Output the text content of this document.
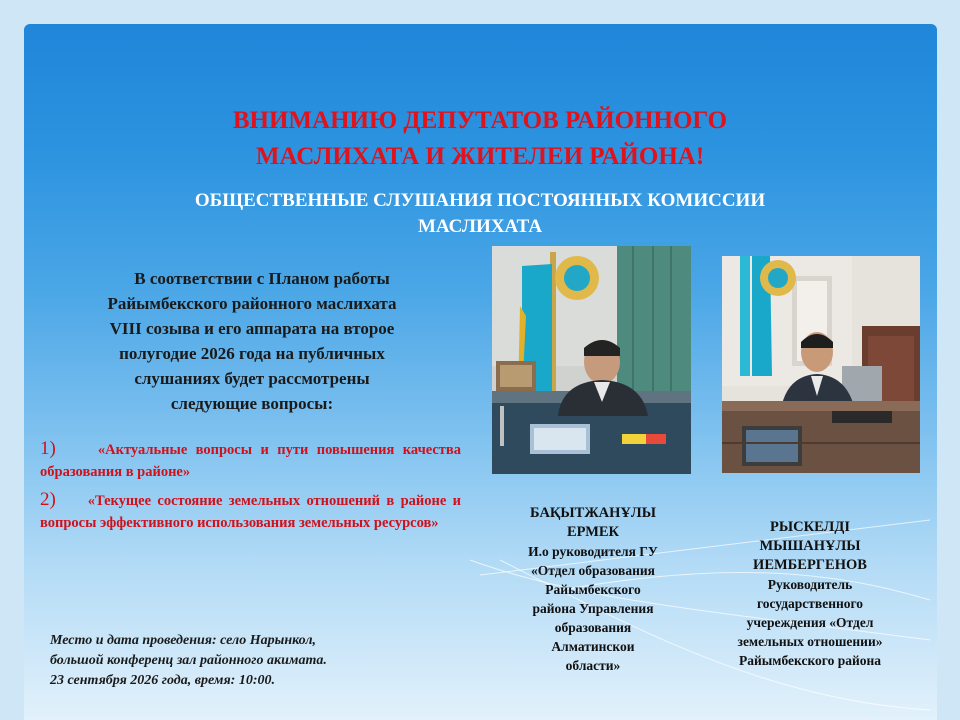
ВНИМАНИЮ ДЕПУТАТОВ РАЙОННОГО
МАСЛИХАТА И ЖИТЕЛЕИ РАЙОНА!
ОБЩЕСТВЕННЫЕ СЛУШАНИЯ ПОСТОЯННЫХ КОМИССИИ
МАСЛИХАТА
В соответствии с Планом работы
Райымбекского районного маслихата
VIII созыва и его аппарата на второе
полугодие 2026 года на публичных
слушаниях будет рассмотрены
следующие вопросы:
1)	«Актуальные вопросы и пути повышения качества образования в районе»
2) «Текущее состояние земельных отношений в районе и вопросы эффективного использования земельных ресурсов»
Место и дата проведения: село Нарынкол,
большой конференц зал районного акимата.
23 сентября 2026 года, время: 10:00.
БАҚЫТЖАНҰЛЫ
ЕРМЕК
И.о руководителя ГУ
«Отдел образования
Райымбекского
района Управления
образования
Алматинскои
области»
РЫСКЕЛДІ
МЫШАНҰЛЫ
ИЕМБЕРГЕНОВ
Руководитель
государственного
учереждения «Отдел
земельных отношении»
Райымбекского района
